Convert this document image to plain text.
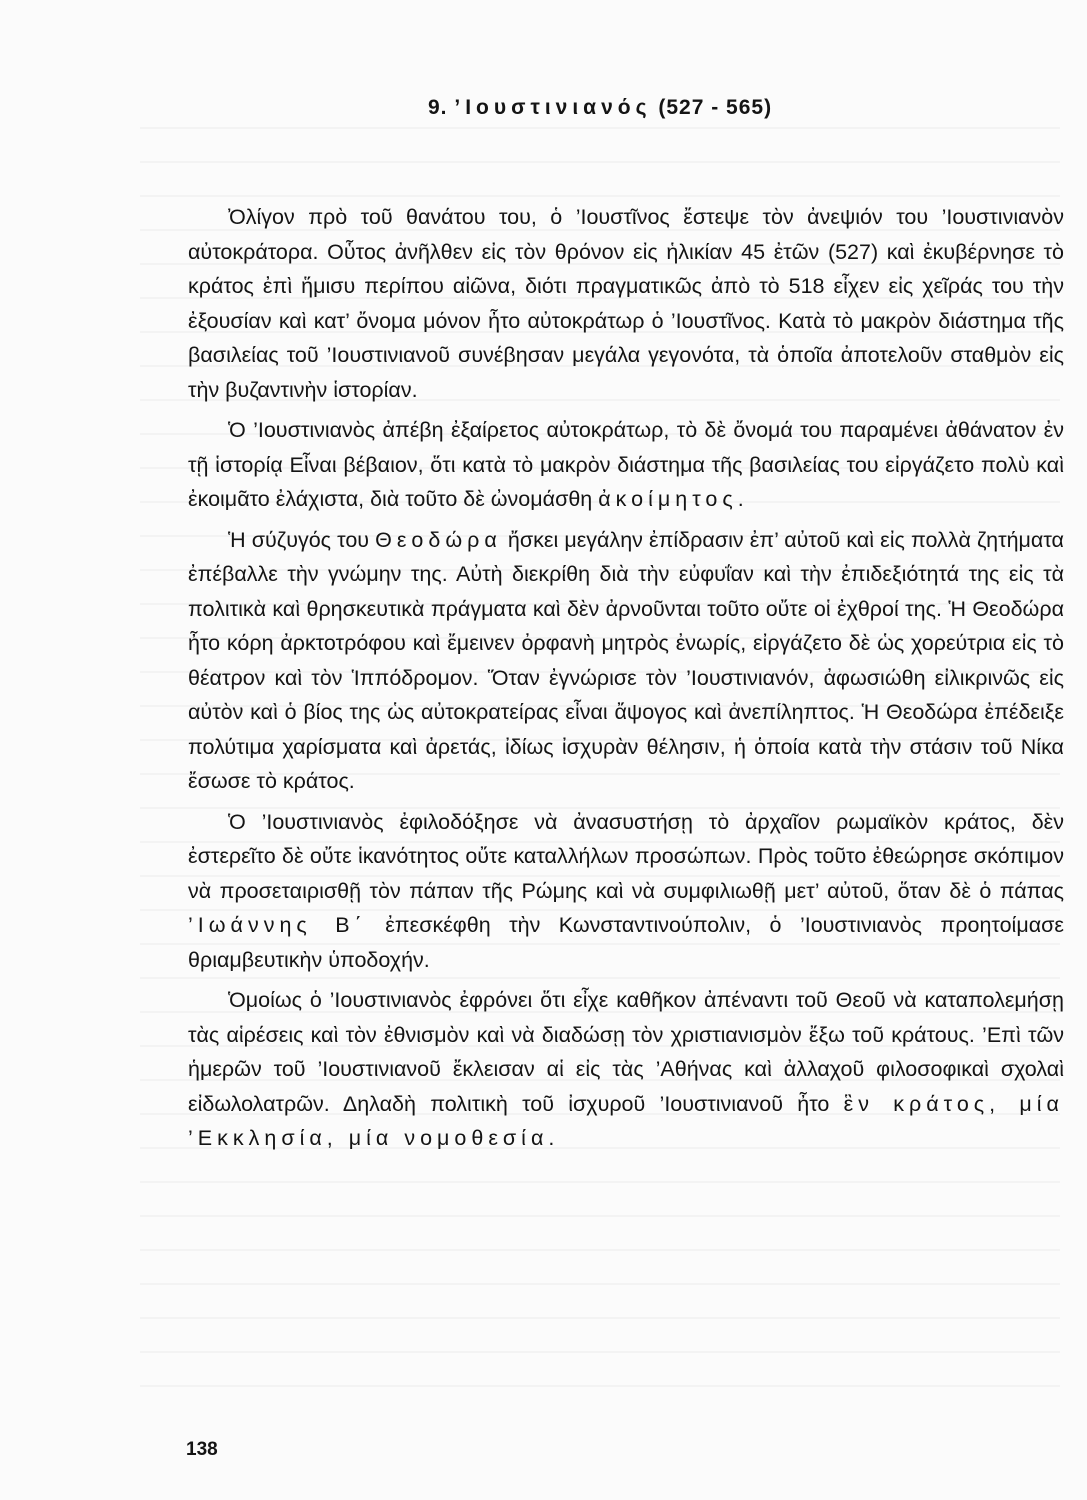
9. ’Ιουστινιανός (527 - 565)

Ὀλίγον πρὸ τοῦ θανάτου του, ὁ ’Ιουστῖνος ἔστεψε τὸν ἀνεψιόν του ’Ιουστινιανὸν αὐτοκράτορα. Οὗτος ἀνῆλθεν εἰς τὸν θρόνον εἰς ἡλικίαν 45 ἐτῶν (527) καὶ ἐκυβέρνησε τὸ κράτος ἐπὶ ἥμισυ περίπου αἰῶνα, διότι πραγματικῶς ἀπὸ τὸ 518 εἶχεν εἰς χεῖράς του τὴν ἐξουσίαν καὶ κατ’ ὄνομα μόνον ἦτο αὐτοκράτωρ ὁ ’Ιουστῖνος. Κατὰ τὸ μακρὸν διάστημα τῆς βασιλείας τοῦ ’Ιουστινιανοῦ συνέβησαν μεγάλα γεγονότα, τὰ ὁποῖα ἀποτελοῦν σταθμὸν εἰς τὴν βυζαντινὴν ἱστορίαν.

Ὁ ’Ιουστινιανὸς ἀπέβη ἐξαίρετος αὐτοκράτωρ, τὸ δὲ ὄνομά του παραμένει ἀθάνατον ἐν τῇ ἱστορίᾳ Εἶναι βέβαιον, ὅτι κατὰ τὸ μακρὸν διάστημα τῆς βασιλείας του εἰργάζετο πολὺ καὶ ἐκοιμᾶτο ἐλάχιστα, διὰ τοῦτο δὲ ὠνομάσθη ἀκοίμητος.

Ἡ σύζυγός του Θεοδώρα ἤσκει μεγάλην ἐπίδρασιν ἐπ’ αὐτοῦ καὶ εἰς πολλὰ ζητήματα ἐπέβαλλε τὴν γνώμην της. Αὐτὴ διεκρίθη διὰ τὴν εὐφυΐαν καὶ τὴν ἐπιδεξιότητά της εἰς τὰ πολιτικὰ καὶ θρησκευτικὰ πράγματα καὶ δὲν ἀρνοῦνται τοῦτο οὔτε οἱ ἐχθροί της. Ἡ Θεοδώρα ἦτο κόρη ἀρκτοτρόφου καὶ ἔμεινεν ὀρφανὴ μητρὸς ἐνωρίς, εἰργάζετο δὲ ὡς χορεύτρια εἰς τὸ θέατρον καὶ τὸν Ἱππόδρομον. Ὅταν ἐγνώρισε τὸν ’Ιουστινιανόν, ἀφωσιώθη εἰλικρινῶς εἰς αὐτὸν καὶ ὁ βίος της ὡς αὐτοκρατείρας εἶναι ἄψογος καὶ ἀνεπίληπτος. Ἡ Θεοδώρα ἐπέδειξε πολύτιμα χαρίσματα καὶ ἀρετάς, ἰδίως ἰσχυρὰν θέλησιν, ἡ ὁποία κατὰ τὴν στάσιν τοῦ Νίκα ἔσωσε τὸ κράτος.

Ὁ ’Ιουστινιανὸς ἐφιλοδόξησε νὰ ἀνασυστήσῃ τὸ ἀρχαῖον ρωμαϊκὸν κράτος, δὲν ἐστερεῖτο δὲ οὔτε ἱκανότητος οὔτε καταλλήλων προσώπων. Πρὸς τοῦτο ἐθεώρησε σκόπιμον νὰ προσεταιρισθῇ τὸν πάπαν τῆς Ρώμης καὶ νὰ συμφιλιωθῇ μετ’ αὐτοῦ, ὅταν δὲ ὁ πάπας ’Ιωάννης Β΄ ἐπεσκέφθη τὴν Κωνσταντινούπολιν, ὁ ’Ιουστινιανὸς προητοίμασε θριαμβευτικὴν ὑποδοχήν.

Ὁμοίως ὁ ’Ιουστινιανὸς ἐφρόνει ὅτι εἶχε καθῆκον ἀπέναντι τοῦ Θεοῦ νὰ καταπολεμήσῃ τὰς αἱρέσεις καὶ τὸν ἐθνισμὸν καὶ νὰ διαδώσῃ τὸν χριστιανισμὸν ἔξω τοῦ κράτους. ’Επὶ τῶν ἡμερῶν τοῦ ’Ιουστινιανοῦ ἔκλεισαν αἱ εἰς τὰς ’Αθήνας καὶ ἀλλαχοῦ φιλοσοφικαὶ σχολαὶ εἰδωλολατρῶν. Δηλαδὴ πολιτικὴ τοῦ ἰσχυροῦ ’Ιουστινιανοῦ ἦτο ἓν κράτος, μία ’Εκκλησία, μία νομοθεσία.

138
